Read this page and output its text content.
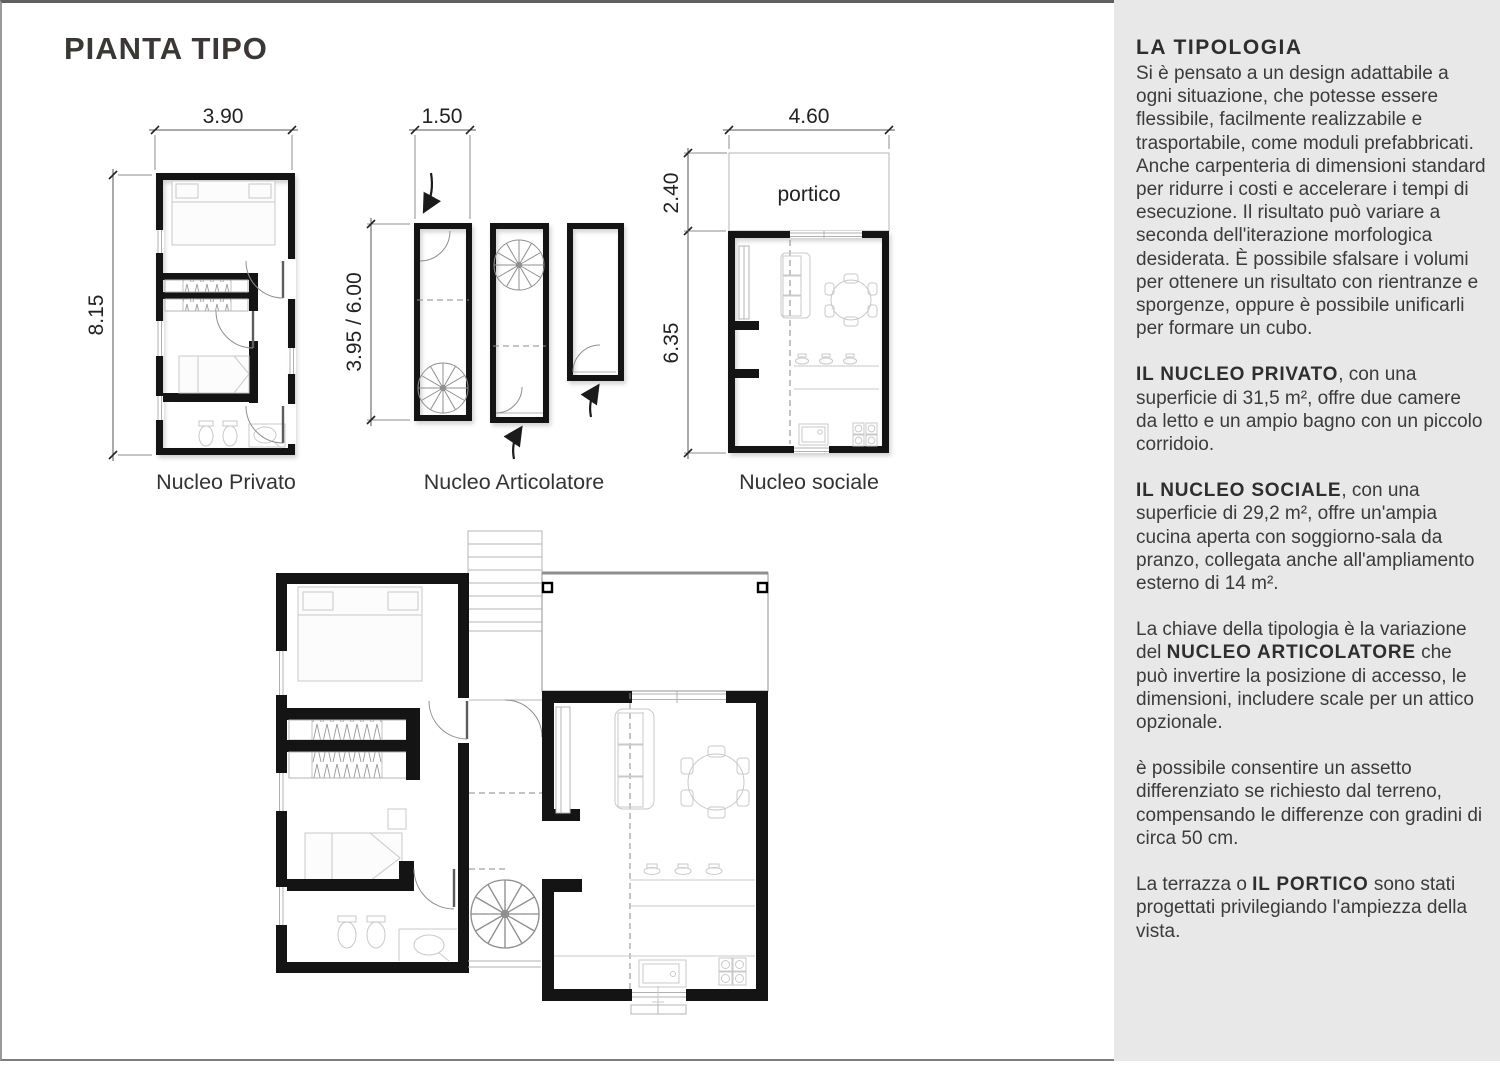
PIANTA TIPO
3.90
8.15
Nucleo Privato
1.50
3.95 / 6.00
Nucleo Articolatore
4.60
portico
2.40
6.35
Nucleo sociale
LA TIPOLOGIA

Si è pensato a un design adattabile a ogni situazione, che potesse essere flessibile, facilmente realizzabile e trasportabile, come moduli prefabbricati. Anche carpenteria di dimensioni standard per ridurre i costi e accelerare i tempi di esecuzione. Il risultato può variare a seconda dell'iterazione morfologica desiderata. È possibile sfalsare i volumi per ottenere un risultato con rientranze e sporgenze, oppure è possibile unificarli per formare un cubo.

IL NUCLEO PRIVATO, con una superficie di 31,5 m², offre due camere da letto e un ampio bagno con un piccolo corridoio.

IL NUCLEO SOCIALE, con una superficie di 29,2 m², offre un'ampia cucina aperta con soggiorno-sala da pranzo, collegata anche all'ampliamento esterno di 14 m².

La chiave della tipologia è la variazione del NUCLEO ARTICOLATORE che può invertire la posizione di accesso, le dimensioni, includere scale per un attico opzionale.

è possibile consentire un assetto differenziato se richiesto dal terreno, compensando le differenze con gradini di circa 50 cm.

La terrazza o IL PORTICO sono stati progettati privilegiando l'ampiezza della vista.
